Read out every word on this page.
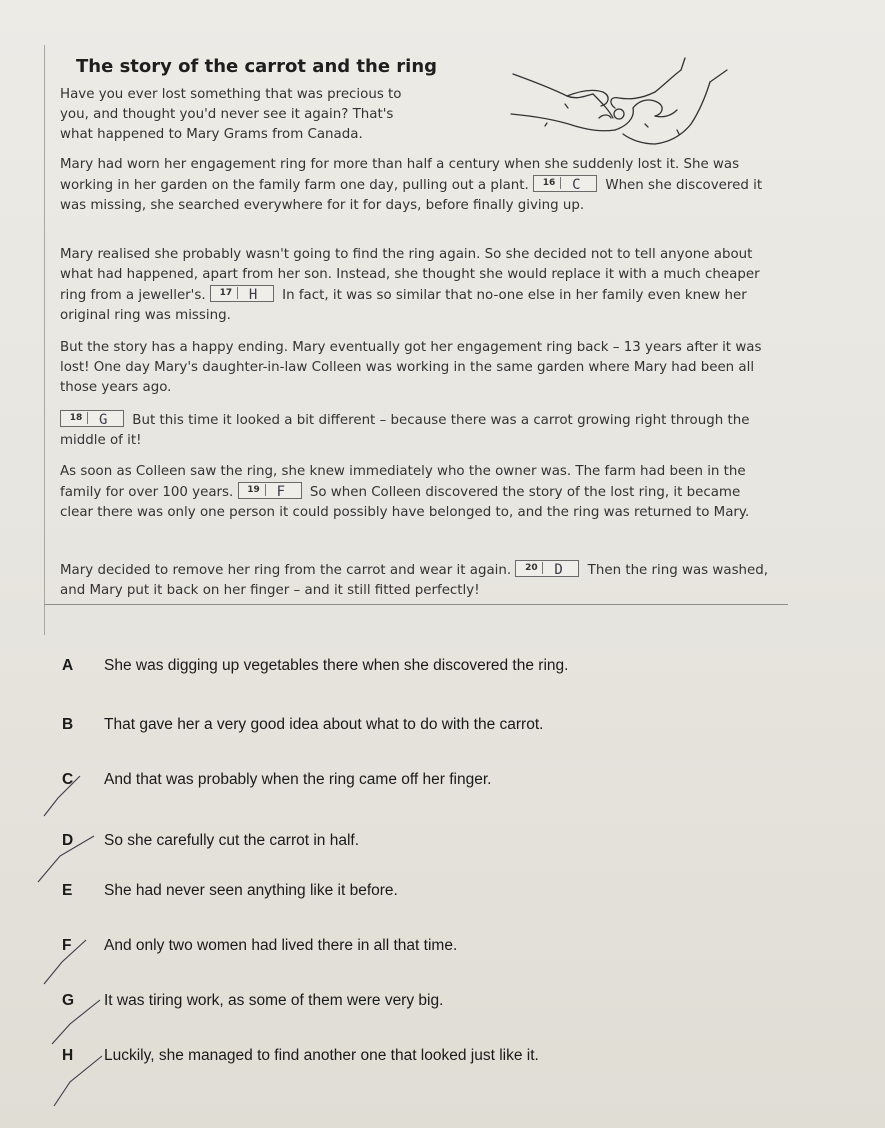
The story of the carrot and the ring

Have you ever lost something that was precious to you, and thought you'd never see it again? That's what happened to Mary Grams from Canada.

Mary had worn her engagement ring for more than half a century when she suddenly lost it. She was working in her garden on the family farm one day, pulling out a plant.	16	C When she discovered it was missing, she searched everywhere for it for days, before finally giving up.

Mary realised she probably wasn't going to find the ring again. So she decided not to tell anyone about what had happened, apart from her son. Instead, she thought she would replace it with a much cheaper ring from a jeweller's.	17	H In fact, it was so similar that no-one else in her family even knew her original ring was missing.

But the story has a happy ending. Mary eventually got her engagement ring back – 13 years after it was lost! One day Mary's daughter-in-law Colleen was working in the same garden where Mary had been all those years ago.

18	G But this time it looked a bit different – because there was a carrot growing right through the middle of it!

As soon as Colleen saw the ring, she knew immediately who the owner was. The farm had been in the family for over 100 years.	19	F So when Colleen discovered the story of the lost ring, it became clear there was only one person it could possibly have belonged to, and the ring was returned to Mary.

Mary decided to remove her ring from the carrot and wear it again.	20	D Then the ring was washed, and Mary put it back on her finger – and it still fitted perfectly!

A She was digging up vegetables there when she discovered the ring.
B That gave her a very good idea about what to do with the carrot.
C And that was probably when the ring came off her finger.
D So she carefully cut the carrot in half.
E She had never seen anything like it before.
F And only two women had lived there in all that time.
G It was tiring work, as some of them were very big.
H Luckily, she managed to find another one that looked just like it.
